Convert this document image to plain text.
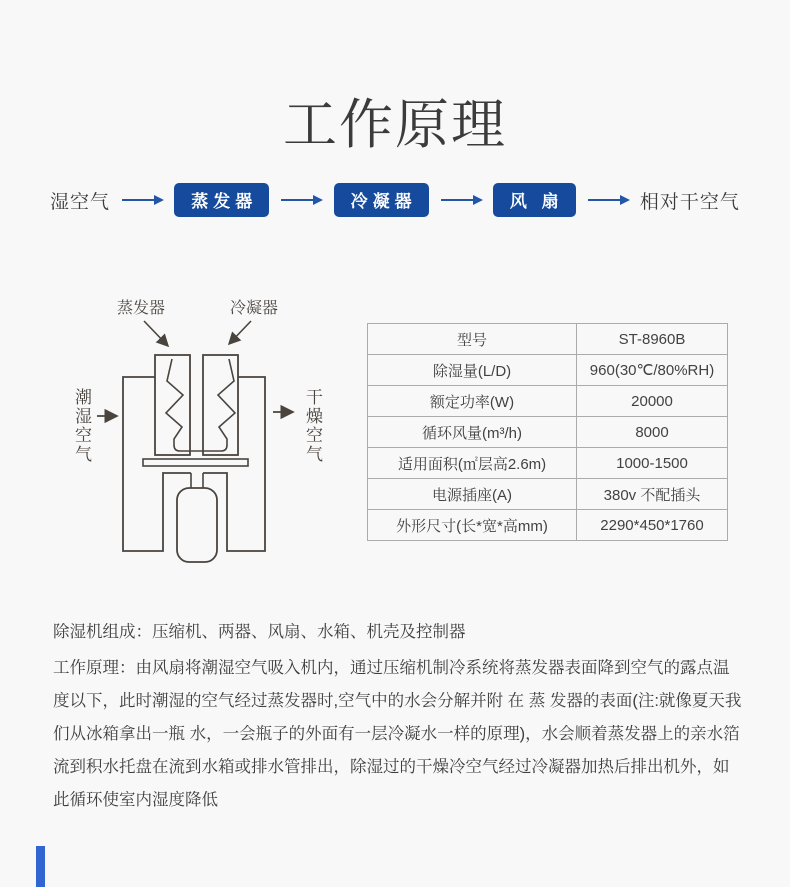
工作原理
湿空气	蒸发器	冷凝器	风 扇	相对干空气
蒸发器	冷凝器
潮 湿 空 气
干 燥 空 气
型号	ST-8960B
除湿量(L/D)	960(30℃/80%RH)
额定功率(W)	20000
循环风量(m³/h)	8000
适用面积(㎡层高2.6m)	1000-1500
电源插座(A)	380v 不配插头
外形尺寸(长*宽*高mm)	2290*450*1760
除湿机组成：压缩机、两器、风扇、水箱、机壳及控制器
工作原理：由风扇将潮湿空气吸入机内，通过压缩机制冷系统将蒸发器表面降到空气的露点温度以下，此时潮湿的空气经过蒸发器时,空气中的水会分解并附 在 蒸 发器的表面(注:就像夏天我们从冰箱拿出一瓶 水，一会瓶子的外面有一层冷凝水一样的原理)，水会顺着蒸发器上的亲水箔流到积水托盘在流到水箱或排水管排出，除湿过的干燥冷空气经过冷凝器加热后排出机外，如此循环使室内湿度降低
